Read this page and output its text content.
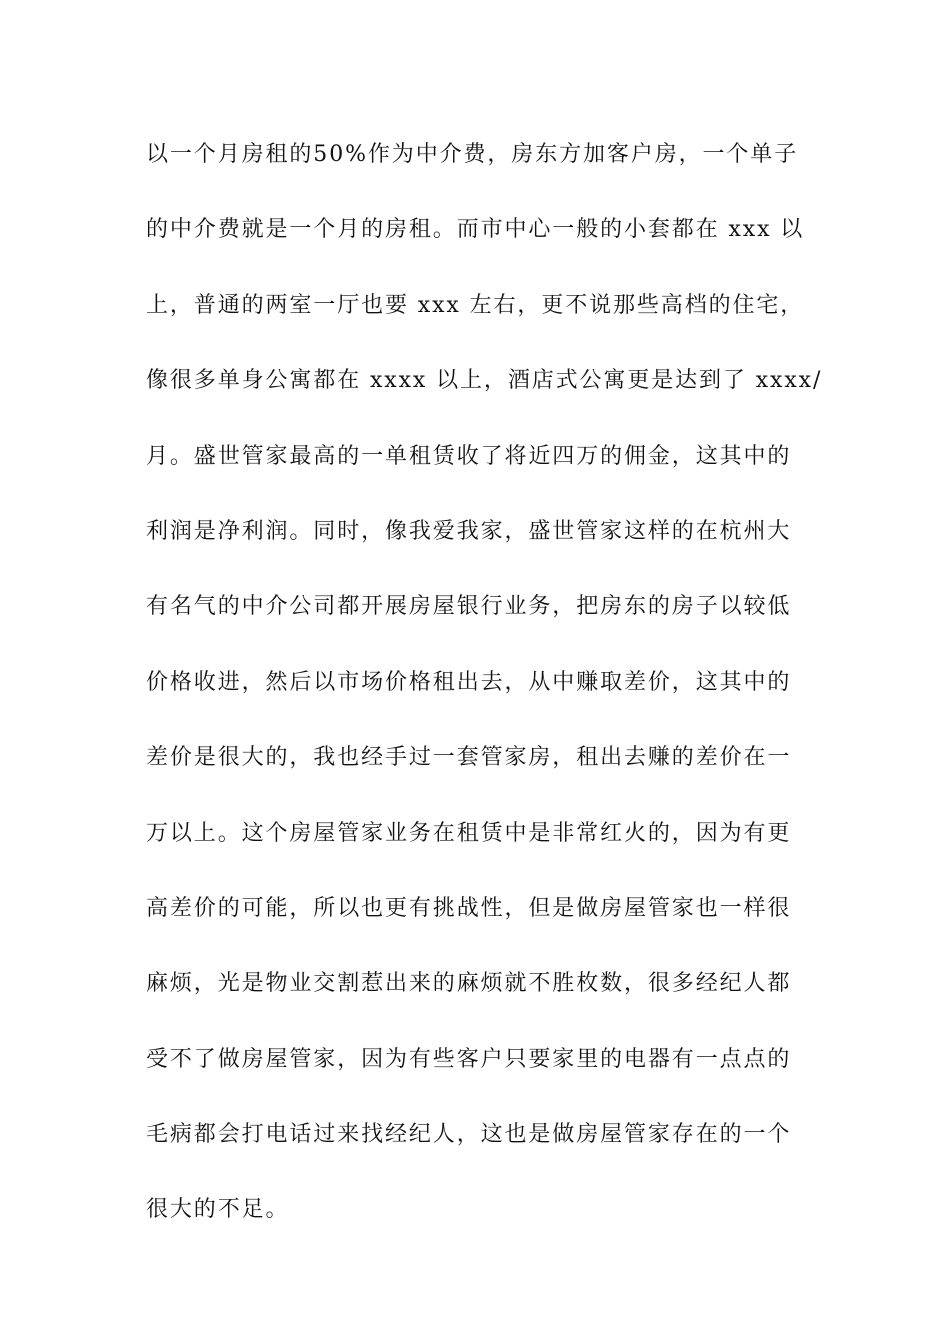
以一个月房租的50%作为中介费，房东方加客户房，一个单子
的中介费就是一个月的房租。而市中心一般的小套都在 xxx 以
上，普通的两室一厅也要 xxx 左右，更不说那些高档的住宅，
像很多单身公寓都在 xxxx 以上，酒店式公寓更是达到了 xxxx/
月。盛世管家最高的一单租赁收了将近四万的佣金，这其中的
利润是净利润。同时，像我爱我家，盛世管家这样的在杭州大
有名气的中介公司都开展房屋银行业务，把房东的房子以较低
价格收进，然后以市场价格租出去，从中赚取差价，这其中的
差价是很大的，我也经手过一套管家房，租出去赚的差价在一
万以上。这个房屋管家业务在租赁中是非常红火的，因为有更
高差价的可能，所以也更有挑战性，但是做房屋管家也一样很
麻烦，光是物业交割惹出来的麻烦就不胜枚数，很多经纪人都
受不了做房屋管家，因为有些客户只要家里的电器有一点点的
毛病都会打电话过来找经纪人，这也是做房屋管家存在的一个
很大的不足。
